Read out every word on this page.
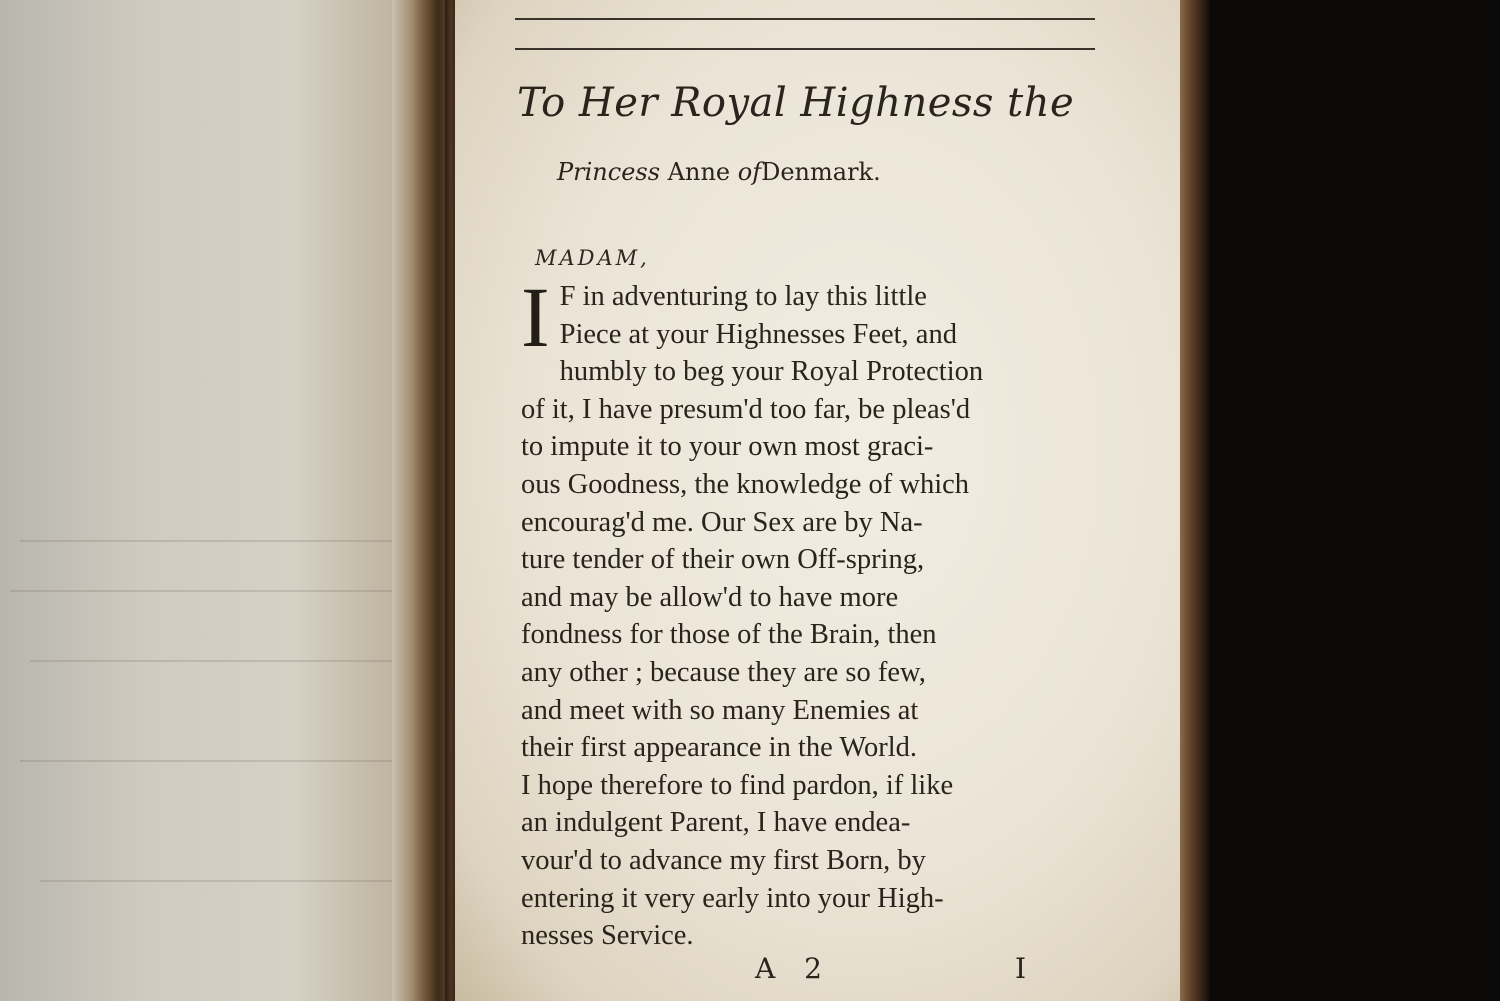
To Her Royal Highness the
Princess Anne ofDenmark.
MADAM,
I F in adventuring to lay this little
Piece at your Highnesses Feet, and
humbly to beg your Royal Protection
of it, I have presum'd too far, be pleas'd
to impute it to your own most graci-
ous Goodness, the knowledge of which
encourag'd me. Our Sex are by Na-
ture tender of their own Off-spring,
and may be allow'd to have more
fondness for those of the Brain, then
any other ; because they are so few,
and meet with so many Enemies at
their first appearance in the World.
I hope therefore to find pardon, if like
an indulgent Parent, I have endea-
vour'd to advance my first Born, by
entering it very early into your High-
nesses Service.
A 2	I
